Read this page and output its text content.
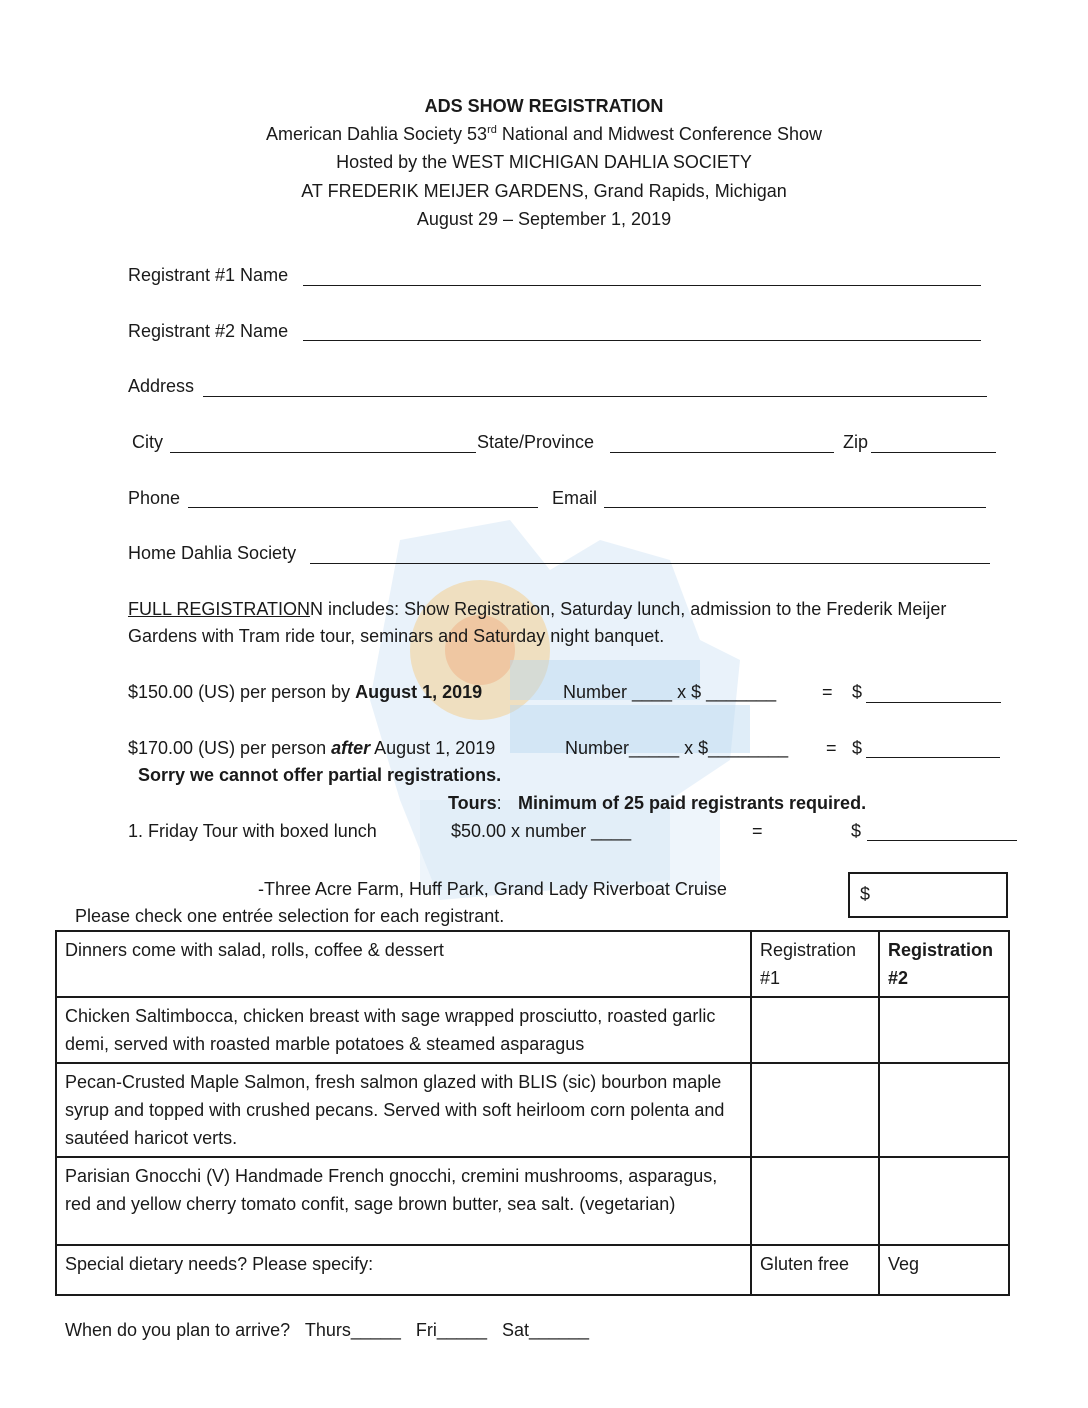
ADS SHOW REGISTRATION
American Dahlia Society 53rd National and Midwest Conference Show
Hosted by the WEST MICHIGAN DAHLIA SOCIETY
AT FREDERIK MEIJER GARDENS, Grand Rapids, Michigan
August 29 – September 1, 2019
Registrant #1 Name
Registrant #2 Name
Address
City	State/Province	Zip
Phone	Email
Home Dahlia Society
FULL REGISTRATIONN includes: Show Registration, Saturday lunch, admission to the Frederik Meijer
Gardens with Tram ride tour, seminars and Saturday night banquet.
$150.00 (US) per person by August 1, 2019	Number ____ x $ _______	= $
$170.00 (US) per person after August 1, 2019	Number_____ x $________ = $
Sorry we cannot offer partial registrations.
Tours: Minimum of 25 paid registrants required.
1. Friday Tour with boxed lunch	$50.00 x number ____	=	$
-Three Acre Farm, Huff Park, Grand Lady Riverboat Cruise	$
Please check one entrée selection for each registrant.
Dinners come with salad, rolls, coffee & dessert	Registration #1	Registration #2
Chicken Saltimbocca, chicken breast with sage wrapped prosciutto, roasted garlic demi, served with roasted marble potatoes & steamed asparagus		
Pecan-Crusted Maple Salmon, fresh salmon glazed with BLIS (sic) bourbon maple syrup and topped with crushed pecans. Served with soft heirloom corn polenta and sautéed haricot verts.		
Parisian Gnocchi (V) Handmade French gnocchi, cremini mushrooms, asparagus, red and yellow cherry tomato confit, sage brown butter, sea salt. (vegetarian)		
Special dietary needs? Please specify:	Gluten free	Veg
When do you plan to arrive? Thurs_____ Fri_____ Sat______
